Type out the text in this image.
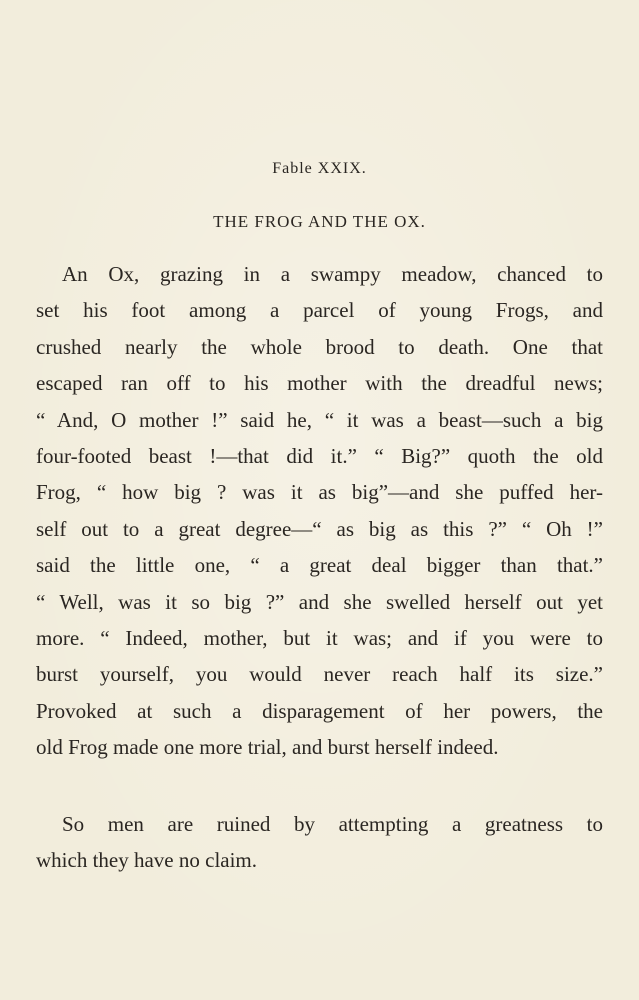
Fable XXIX.
THE FROG AND THE OX.
An Ox, grazing in a swampy meadow, chanced to
set his foot among a parcel of young Frogs, and
crushed nearly the whole brood to death. One that
escaped ran off to his mother with the dreadful news;
“ And, O mother !” said he, “ it was a beast—such a big
four-footed beast !—that did it.” “ Big?” quoth the old
Frog, “ how big ? was it as big”—and she puffed her-
self out to a great degree—“ as big as this ?” “ Oh !”
said the little one, “ a great deal bigger than that.”
“ Well, was it so big ?” and she swelled herself out yet
more. “ Indeed, mother, but it was; and if you were to
burst yourself, you would never reach half its size.”
Provoked at such a disparagement of her powers, the
old Frog made one more trial, and burst herself indeed.
So men are ruined by attempting a greatness to
which they have no claim.
